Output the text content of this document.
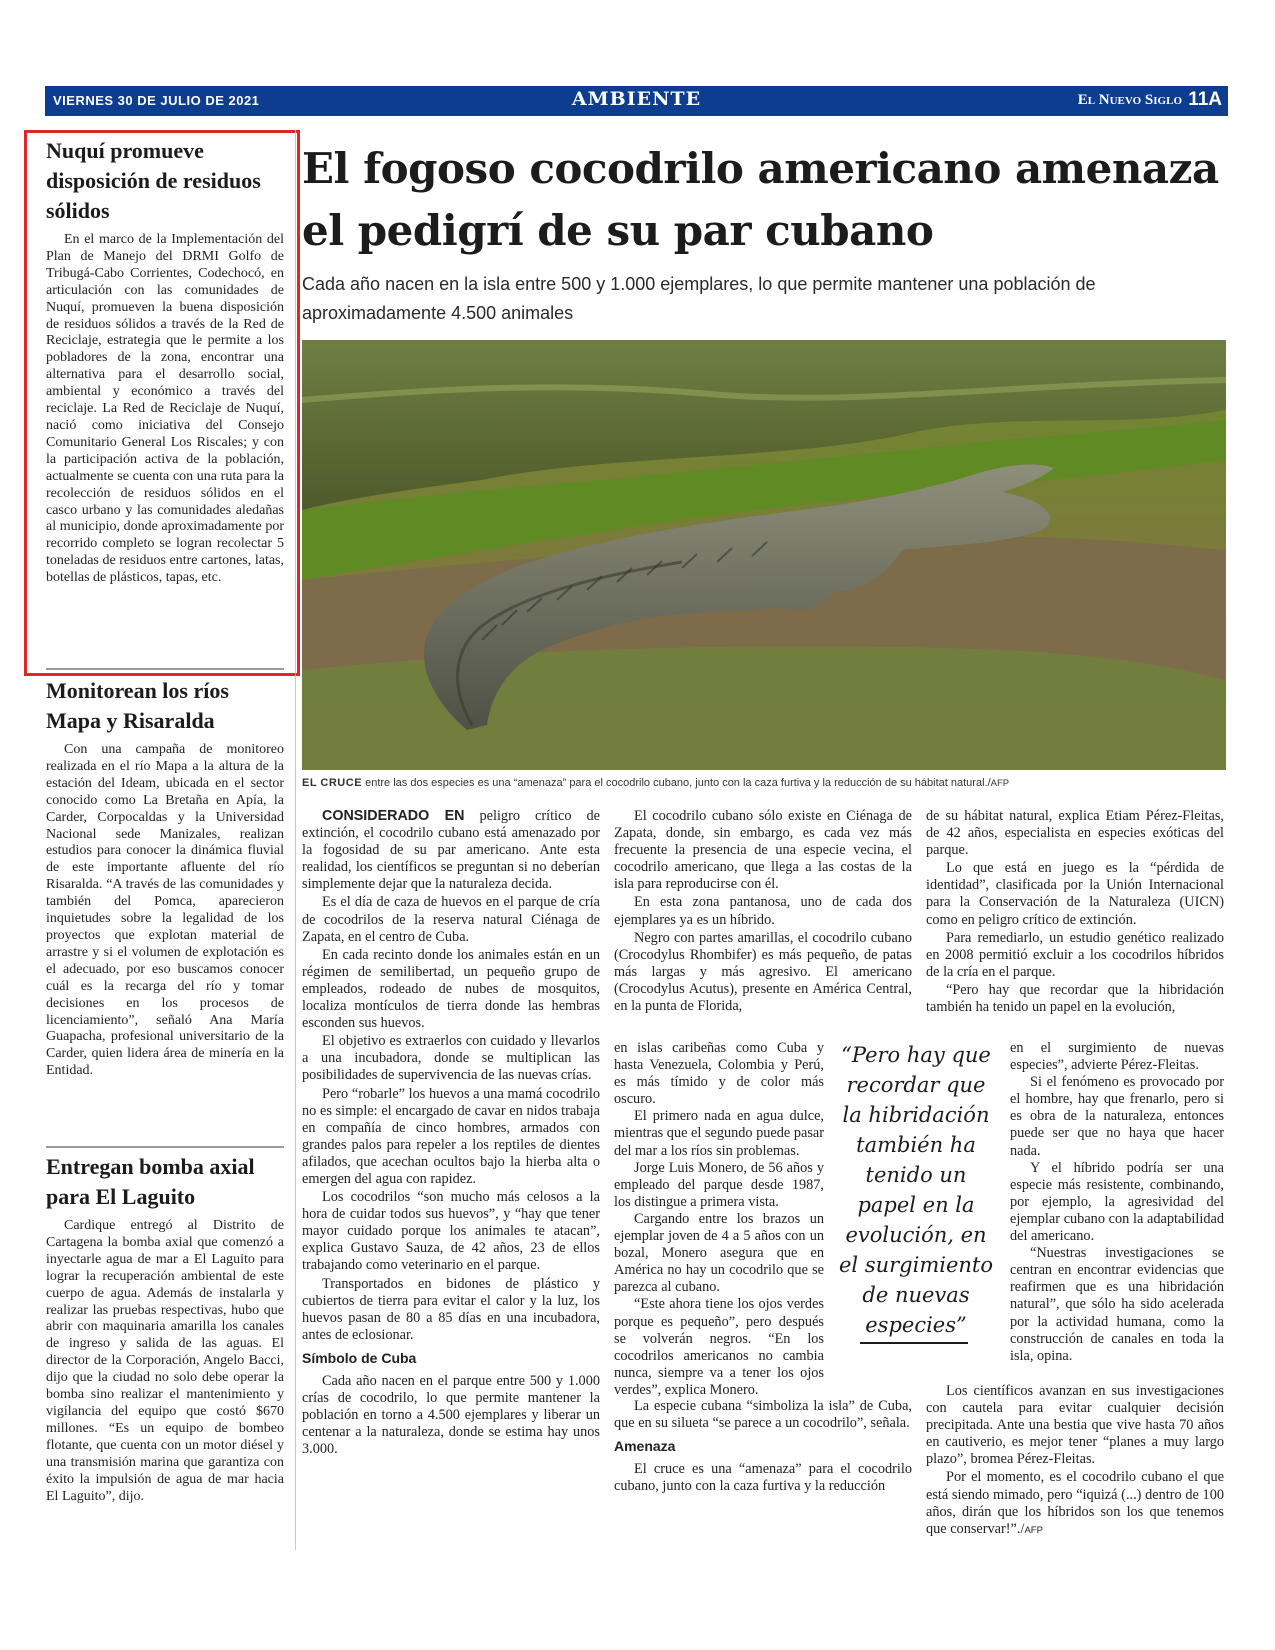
VIERNES 30 DE JULIO DE 2021	AMBIENTE	El Nuevo Siglo 11A
Nuquí promueve disposición de residuos sólidos
En el marco de la Implementación del Plan de Manejo del DRMI Golfo de Tribugá-Cabo Corrientes, Codechocó, en articulación con las comunidades de Nuquí, promueven la buena disposición de residuos sólidos a través de la Red de Reciclaje, estrategia que le permite a los pobladores de la zona, encontrar una alternativa para el desarrollo social, ambiental y económico a través del reciclaje. La Red de Reciclaje de Nuquí, nació como iniciativa del Consejo Comunitario General Los Riscales; y con la participación activa de la población, actualmente se cuenta con una ruta para la recolección de residuos sólidos en el casco urbano y las comunidades aledañas al municipio, donde aproximadamente por recorrido completo se logran recolectar 5 toneladas de residuos entre cartones, latas, botellas de plásticos, tapas, etc.
Monitorean los ríos Mapa y Risaralda
Con una campaña de monitoreo realizada en el río Mapa a la altura de la estación del Ideam, ubicada en el sector conocido como La Bretaña en Apía, la Carder, Corpocaldas y la Universidad Nacional sede Manizales, realizan estudios para conocer la dinámica fluvial de este importante afluente del río Risaralda. “A través de las comunidades y también del Pomca, aparecieron inquietudes sobre la legalidad de los proyectos que explotan material de arrastre y si el volumen de explotación es el adecuado, por eso buscamos conocer cuál es la recarga del río y tomar decisiones en los procesos de licenciamiento”, señaló Ana María Guapacha, profesional universitario de la Carder, quien lidera área de minería en la Entidad.
Entregan bomba axial para El Laguito
Cardique entregó al Distrito de Cartagena la bomba axial que comenzó a inyectarle agua de mar a El Laguito para lograr la recuperación ambiental de este cuerpo de agua. Además de instalarla y realizar las pruebas respectivas, hubo que abrir con maquinaria amarilla los canales de ingreso y salida de las aguas. El director de la Corporación, Angelo Bacci, dijo que la ciudad no solo debe operar la bomba sino realizar el mantenimiento y vigilancia del equipo que costó $670 millones. “Es un equipo de bombeo flotante, que cuenta con un motor diésel y una transmisión marina que garantiza con éxito la impulsión de agua de mar hacia El Laguito”, dijo.
El fogoso cocodrilo americano amenaza el pedigrí de su par cubano
Cada año nacen en la isla entre 500 y 1.000 ejemplares, lo que permite mantener una población de aproximadamente 4.500 animales
EL CRUCE entre las dos especies es una “amenaza” para el cocodrilo cubano, junto con la caza furtiva y la reducción de su hábitat natural./AFP

CONSIDERADO EN peligro crítico de extinción, el cocodrilo cubano está amenazado por la fogosidad de su par americano. Ante esta realidad, los científicos se preguntan si no deberían simplemente dejar que la naturaleza decida.

Es el día de caza de huevos en el parque de cría de cocodrilos de la reserva natural Ciénaga de Zapata, en el centro de Cuba.

En cada recinto donde los animales están en un régimen de semilibertad, un pequeño grupo de empleados, rodeado de nubes de mosquitos, localiza montículos de tierra donde las hembras esconden sus huevos.

El objetivo es extraerlos con cuidado y llevarlos a una incubadora, donde se multiplican las posibilidades de supervivencia de las nuevas crías.

Pero “robarle” los huevos a una mamá cocodrilo no es simple: el encargado de cavar en nidos trabaja en compañía de cinco hombres, armados con grandes palos para repeler a los reptiles de dientes afilados, que acechan ocultos bajo la hierba alta o emergen del agua con rapidez.

Los cocodrilos “son mucho más celosos a la hora de cuidar todos sus huevos”, y “hay que tener mayor cuidado porque los animales te atacan”, explica Gustavo Sauza, de 42 años, 23 de ellos trabajando como veterinario en el parque.

Transportados en bidones de plástico y cubiertos de tierra para evitar el calor y la luz, los huevos pasan de 80 a 85 días en una incubadora, antes de eclosionar.

Símbolo de Cuba

Cada año nacen en el parque entre 500 y 1.000 crías de cocodrilo, lo que permite mantener la población en torno a 4.500 ejemplares y liberar un centenar a la naturaleza, donde se estima hay unos 3.000.

El cocodrilo cubano sólo existe en Ciénaga de Zapata, donde, sin embargo, es cada vez más frecuente la presencia de una especie vecina, el cocodrilo americano, que llega a las costas de la isla para reproducirse con él.

En esta zona pantanosa, uno de cada dos ejemplares ya es un híbrido.

Negro con partes amarillas, el cocodrilo cubano (Crocodylus Rhombifer) es más pequeño, de patas más largas y más agresivo. El americano (Crocodylus Acutus), presente en América Central, en la punta de Florida,

en islas caribeñas como Cuba y hasta Venezuela, Colombia y Perú, es más tímido y de color más oscuro.

El primero nada en agua dulce, mientras que el segundo puede pasar del mar a los ríos sin problemas.

Jorge Luis Monero, de 56 años y empleado del parque desde 1987, los distingue a primera vista.

Cargando entre los brazos un ejemplar joven de 4 a 5 años con un bozal, Monero asegura que en América no hay un cocodrilo que se parezca al cubano.

“Este ahora tiene los ojos verdes porque es pequeño”, pero después se volverán negros. “En los cocodrilos americanos no cambia nunca, siempre va a tener los ojos verdes”, explica Monero.

La especie cubana “simboliza la isla” de Cuba, que en su silueta “se parece a un cocodrilo”, señala.

Amenaza

El cruce es una “amenaza” para el cocodrilo cubano, junto con la caza furtiva y la reducción

“Pero hay que recordar que la hibridación también ha tenido un papel en la evolución, en el surgimiento de nuevas especies”

de su hábitat natural, explica Etiam Pérez-Fleitas, de 42 años, especialista en especies exóticas del parque.

Lo que está en juego es la “pérdida de identidad”, clasificada por la Unión Internacional para la Conservación de la Naturaleza (UICN) como en peligro crítico de extinción.

Para remediarlo, un estudio genético realizado en 2008 permitió excluir a los cocodrilos híbridos de la cría en el parque.

“Pero hay que recordar que la hibridación también ha tenido un papel en la evolución,

en el surgimiento de nuevas especies”, advierte Pérez-Fleitas.

Si el fenómeno es provocado por el hombre, hay que frenarlo, pero si es obra de la naturaleza, entonces puede ser que no haya que hacer nada.

Y el híbrido podría ser una especie más resistente, combinando, por ejemplo, la agresividad del ejemplar cubano con la adaptabilidad del americano.

“Nuestras investigaciones se centran en encontrar evidencias que reafirmen que es una hibridación natural”, que sólo ha sido acelerada por la actividad humana, como la construcción de canales en toda la isla, opina.

Los científicos avanzan en sus investigaciones con cautela para evitar cualquier decisión precipitada. Ante una bestia que vive hasta 70 años en cautiverio, es mejor tener “planes a muy largo plazo”, bromea Pérez-Fleitas.

Por el momento, es el cocodrilo cubano el que está siendo mimado, pero “iquizá (...) dentro de 100 años, dirán que los híbridos son los que tenemos que conservar!”./AFP
